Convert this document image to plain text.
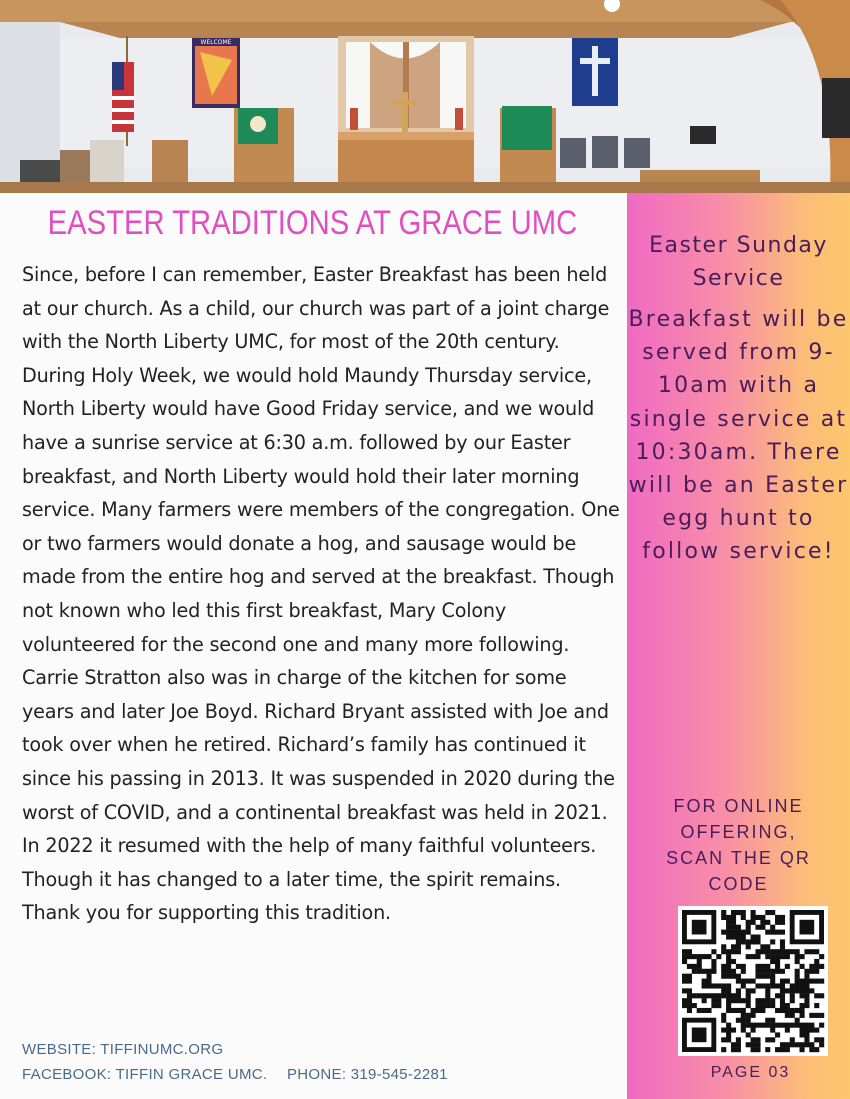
WELCOME
EASTER TRADITIONS AT GRACE UMC

Since, before I can remember, Easter Breakfast has been held at our church. As a child, our church was part of a joint charge with the North Liberty UMC, for most of the 20th century. During Holy Week, we would hold Maundy Thursday service, North Liberty would have Good Friday service, and we would have a sunrise service at 6:30 a.m. followed by our Easter breakfast, and North Liberty would hold their later morning service. Many farmers were members of the congregation. One or two farmers would donate a hog, and sausage would be made from the entire hog and served at the breakfast. Though not known who led this first breakfast, Mary Colony volunteered for the second one and many more following. Carrie Stratton also was in charge of the kitchen for some years and later Joe Boyd. Richard Bryant assisted with Joe and took over when he retired. Richard’s family has continued it since his passing in 2013. It was suspended in 2020 during the worst of COVID, and a continental breakfast was held in 2021. In 2022 it resumed with the help of many faithful volunteers. Though it has changed to a later time, the spirit remains. Thank you for supporting this tradition.

WEBSITE: TIFFINUMC.ORG
FACEBOOK: TIFFIN GRACE UMC. PHONE: 319-545-2281
Easter Sunday Service
Breakfast will be served from 9-10am with a single service at 10:30am. There will be an Easter egg hunt to follow service!
FOR ONLINE OFFERING, SCAN THE QR CODE
PAGE 03
